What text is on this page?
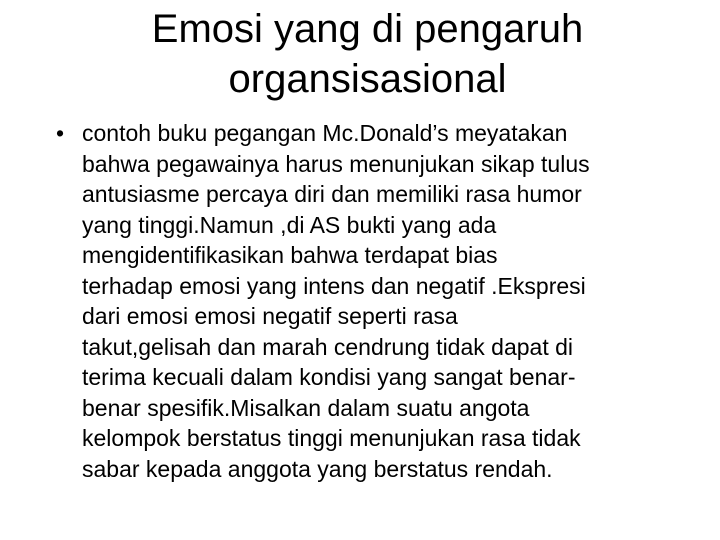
Emosi yang di pengaruh
organsisasional
• contoh buku pegangan Mc.Donald’s meyatakan
bahwa pegawainya harus menunjukan sikap tulus
antusiasme percaya diri dan memiliki rasa humor
yang tinggi.Namun ,di AS bukti yang ada
mengidentifikasikan bahwa terdapat bias
terhadap emosi yang intens dan negatif .Ekspresi
dari emosi emosi negatif seperti rasa
takut,gelisah dan marah cendrung tidak dapat di
terima kecuali dalam kondisi yang sangat benar-
benar spesifik.Misalkan dalam suatu angota
kelompok berstatus tinggi menunjukan rasa tidak
sabar kepada anggota yang berstatus rendah.
